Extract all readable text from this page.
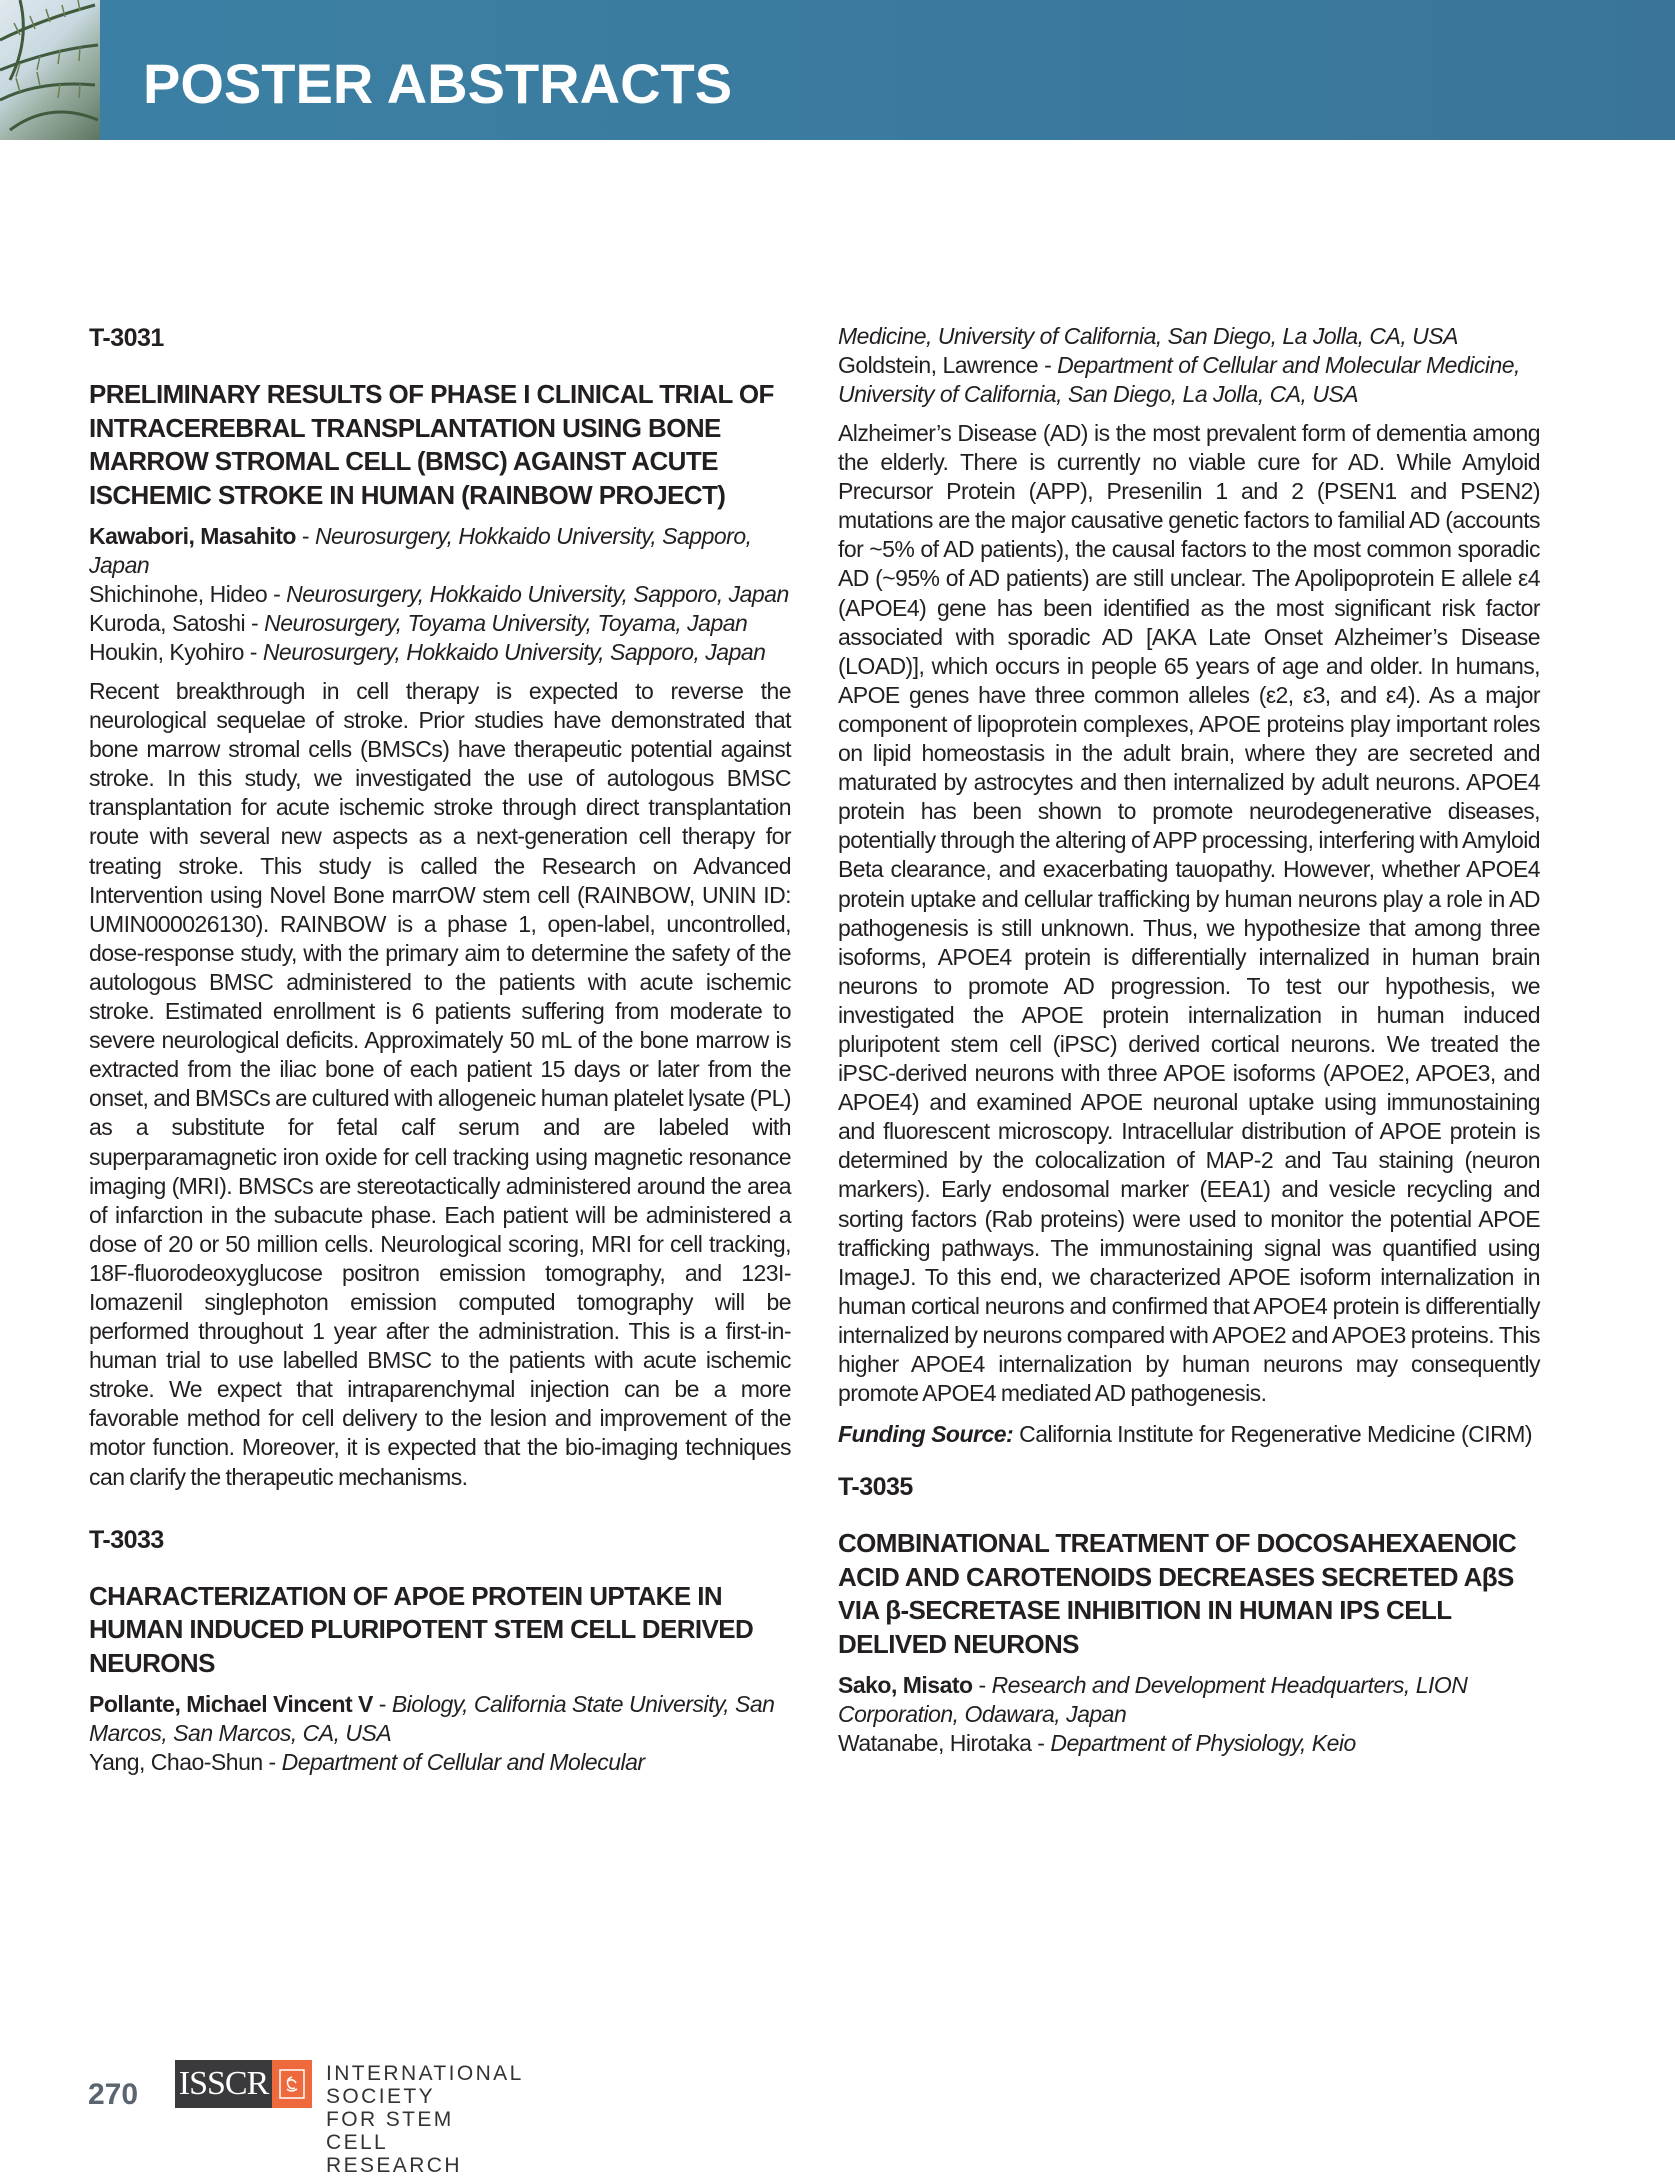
POSTER ABSTRACTS
T-3031
PRELIMINARY RESULTS OF PHASE I CLINICAL TRIAL OF INTRACEREBRAL TRANSPLANTATION USING BONE MARROW STROMAL CELL (BMSC) AGAINST ACUTE ISCHEMIC STROKE IN HUMAN (RAINBOW PROJECT)
Kawabori, Masahito - Neurosurgery, Hokkaido University, Sapporo, Japan
Shichinohe, Hideo - Neurosurgery, Hokkaido University, Sapporo, Japan
Kuroda, Satoshi - Neurosurgery, Toyama University, Toyama, Japan
Houkin, Kyohiro - Neurosurgery, Hokkaido University, Sapporo, Japan

Recent breakthrough in cell therapy is expected to reverse the neurological sequelae of stroke. Prior studies have demonstrated that bone marrow stromal cells (BMSCs) have therapeutic potential against stroke. In this study, we investigated the use of autologous BMSC transplantation for acute ischemic stroke through direct transplantation route with several new aspects as a next-generation cell therapy for treating stroke. This study is called the Research on Advanced Intervention using Novel Bone marrOW stem cell (RAINBOW, UNIN ID: UMIN000026130). RAINBOW is a phase 1, open-label, uncontrolled, dose-response study, with the primary aim to determine the safety of the autologous BMSC administered to the patients with acute ischemic stroke. Estimated enrollment is 6 patients suffering from moderate to severe neurological deficits. Approximately 50 mL of the bone marrow is extracted from the iliac bone of each patient 15 days or later from the onset, and BMSCs are cultured with allogeneic human platelet lysate (PL) as a substitute for fetal calf serum and are labeled with superparamagnetic iron oxide for cell tracking using magnetic resonance imaging (MRI). BMSCs are stereotactically administered around the area of infarction in the subacute phase. Each patient will be administered a dose of 20 or 50 million cells. Neurological scoring, MRI for cell tracking, 18F-fluorodeoxyglucose positron emission tomography, and 123I-Iomazenil singlephoton emission computed tomography will be performed throughout 1 year after the administration. This is a first-in-human trial to use labelled BMSC to the patients with acute ischemic stroke. We expect that intraparenchymal injection can be a more favorable method for cell delivery to the lesion and improvement of the motor function. Moreover, it is expected that the bio-imaging techniques can clarify the therapeutic mechanisms.

T-3033
CHARACTERIZATION OF APOE PROTEIN UPTAKE IN HUMAN INDUCED PLURIPOTENT STEM CELL DERIVED NEURONS
Pollante, Michael Vincent V - Biology, California State University, San Marcos, San Marcos, CA, USA
Yang, Chao-Shun - Department of Cellular and Molecular
Medicine, University of California, San Diego, La Jolla, CA, USA
Goldstein, Lawrence - Department of Cellular and Molecular Medicine, University of California, San Diego, La Jolla, CA, USA

Alzheimer’s Disease (AD) is the most prevalent form of dementia among the elderly. There is currently no viable cure for AD. While Amyloid Precursor Protein (APP), Presenilin 1 and 2 (PSEN1 and PSEN2) mutations are the major causative genetic factors to familial AD (accounts for ~5% of AD patients), the causal factors to the most common sporadic AD (~95% of AD patients) are still unclear. The Apolipoprotein E allele ε4 (APOE4) gene has been identified as the most significant risk factor associated with sporadic AD [AKA Late Onset Alzheimer’s Disease (LOAD)], which occurs in people 65 years of age and older. In humans, APOE genes have three common alleles (ε2, ε3, and ε4). As a major component of lipoprotein complexes, APOE proteins play important roles on lipid homeostasis in the adult brain, where they are secreted and maturated by astrocytes and then internalized by adult neurons. APOE4 protein has been shown to promote neurodegenerative diseases, potentially through the altering of APP processing, interfering with Amyloid Beta clearance, and exacerbating tauopathy. However, whether APOE4 protein uptake and cellular trafficking by human neurons play a role in AD pathogenesis is still unknown. Thus, we hypothesize that among three isoforms, APOE4 protein is differentially internalized in human brain neurons to promote AD progression. To test our hypothesis, we investigated the APOE protein internalization in human induced pluripotent stem cell (iPSC) derived cortical neurons. We treated the iPSC-derived neurons with three APOE isoforms (APOE2, APOE3, and APOE4) and examined APOE neuronal uptake using immunostaining and fluorescent microscopy. Intracellular distribution of APOE protein is determined by the colocalization of MAP-2 and Tau staining (neuron markers). Early endosomal marker (EEA1) and vesicle recycling and sorting factors (Rab proteins) were used to monitor the potential APOE trafficking pathways. The immunostaining signal was quantified using ImageJ. To this end, we characterized APOE isoform internalization in human cortical neurons and confirmed that APOE4 protein is differentially internalized by neurons compared with APOE2 and APOE3 proteins. This higher APOE4 internalization by human neurons may consequently promote APOE4 mediated AD pathogenesis.

Funding Source: California Institute for Regenerative Medicine (CIRM)
T-3035
COMBINATIONAL TREATMENT OF DOCOSAHEXAENOIC ACID AND CAROTENOIDS DECREASES SECRETED AβS VIA β-SECRETASE INHIBITION IN HUMAN IPS CELL DELIVED NEURONS
Sako, Misato - Research and Development Headquarters, LION Corporation, Odawara, Japan
Watanabe, Hirotaka - Department of Physiology, Keio
270 ISSCR	INTERNATIONAL SOCIETY
FOR STEM CELL RESEARCH
